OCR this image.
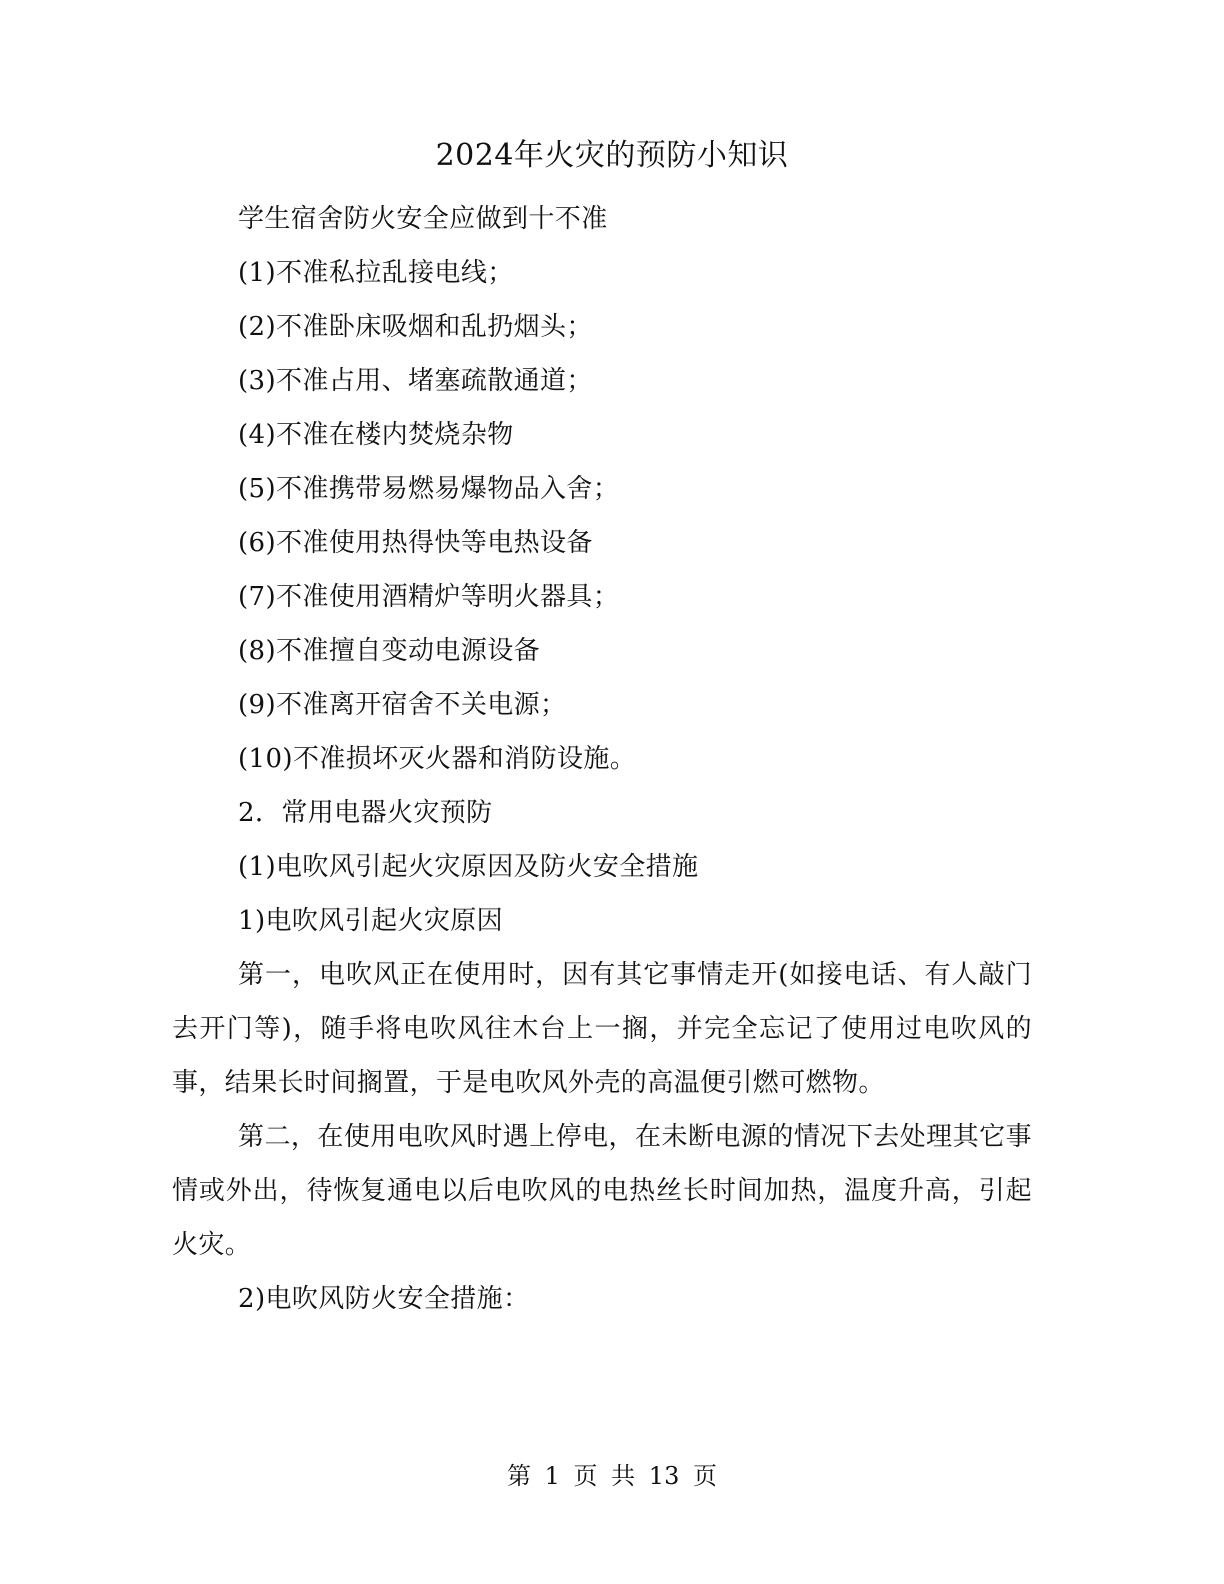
2024年火灾的预防小知识

学生宿舍防火安全应做到十不准

(1)不准私拉乱接电线；

(2)不准卧床吸烟和乱扔烟头；

(3)不准占用、堵塞疏散通道；

(4)不准在楼内焚烧杂物

(5)不准携带易燃易爆物品入舍；

(6)不准使用热得快等电热设备

(7)不准使用酒精炉等明火器具；

(8)不准擅自变动电源设备

(9)不准离开宿舍不关电源；

(10)不准损坏灭火器和消防设施。

2．常用电器火灾预防

(1)电吹风引起火灾原因及防火安全措施

1)电吹风引起火灾原因

第一，电吹风正在使用时，因有其它事情走开(如接电话、有人敲门去开门等)，随手将电吹风往木台上一搁，并完全忘记了使用过电吹风的事，结果长时间搁置，于是电吹风外壳的高温便引燃可燃物。

第二，在使用电吹风时遇上停电，在未断电源的情况下去处理其它事情或外出，待恢复通电以后电吹风的电热丝长时间加热，温度升高，引起火灾。

2)电吹风防火安全措施：

第 1 页 共 13 页
